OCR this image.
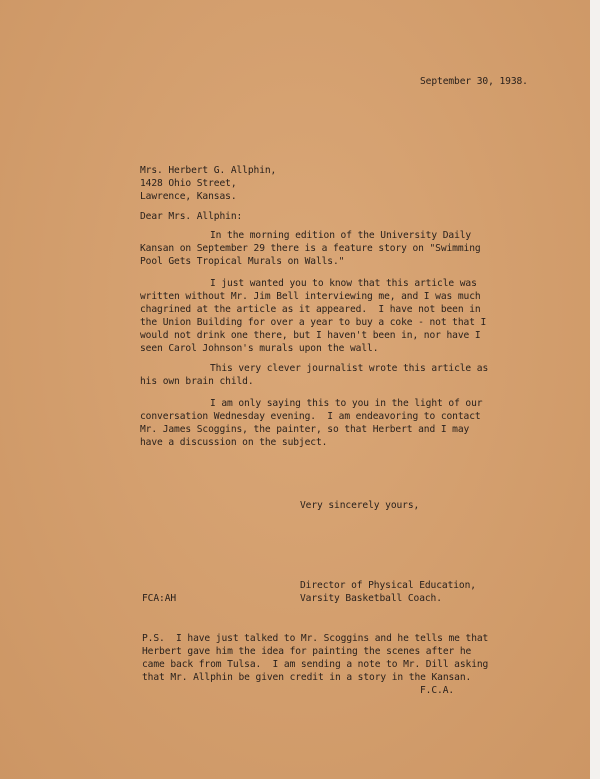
September 30, 1938.
Mrs. Herbert G. Allphin,
1428 Ohio Street,
Lawrence, Kansas.
Dear Mrs. Allphin:
In the morning edition of the University Daily
Kansan on September 29 there is a feature story on "Swimming
Pool Gets Tropical Murals on Walls."
I just wanted you to know that this article was
written without Mr. Jim Bell interviewing me, and I was much
chagrined at the article as it appeared.  I have not been in
the Union Building for over a year to buy a coke - not that I
would not drink one there, but I haven't been in, nor have I
seen Carol Johnson's murals upon the wall.
This very clever journalist wrote this article as
his own brain child.
I am only saying this to you in the light of our
conversation Wednesday evening.  I am endeavoring to contact
Mr. James Scoggins, the painter, so that Herbert and I may
have a discussion on the subject.
Very sincerely yours,
Director of Physical Education,
Varsity Basketball Coach.
FCA:AH
P.S.  I have just talked to Mr. Scoggins and he tells me that
Herbert gave him the idea for painting the scenes after he
came back from Tulsa.  I am sending a note to Mr. Dill asking
that Mr. Allphin be given credit in a story in the Kansan.
F.C.A.
